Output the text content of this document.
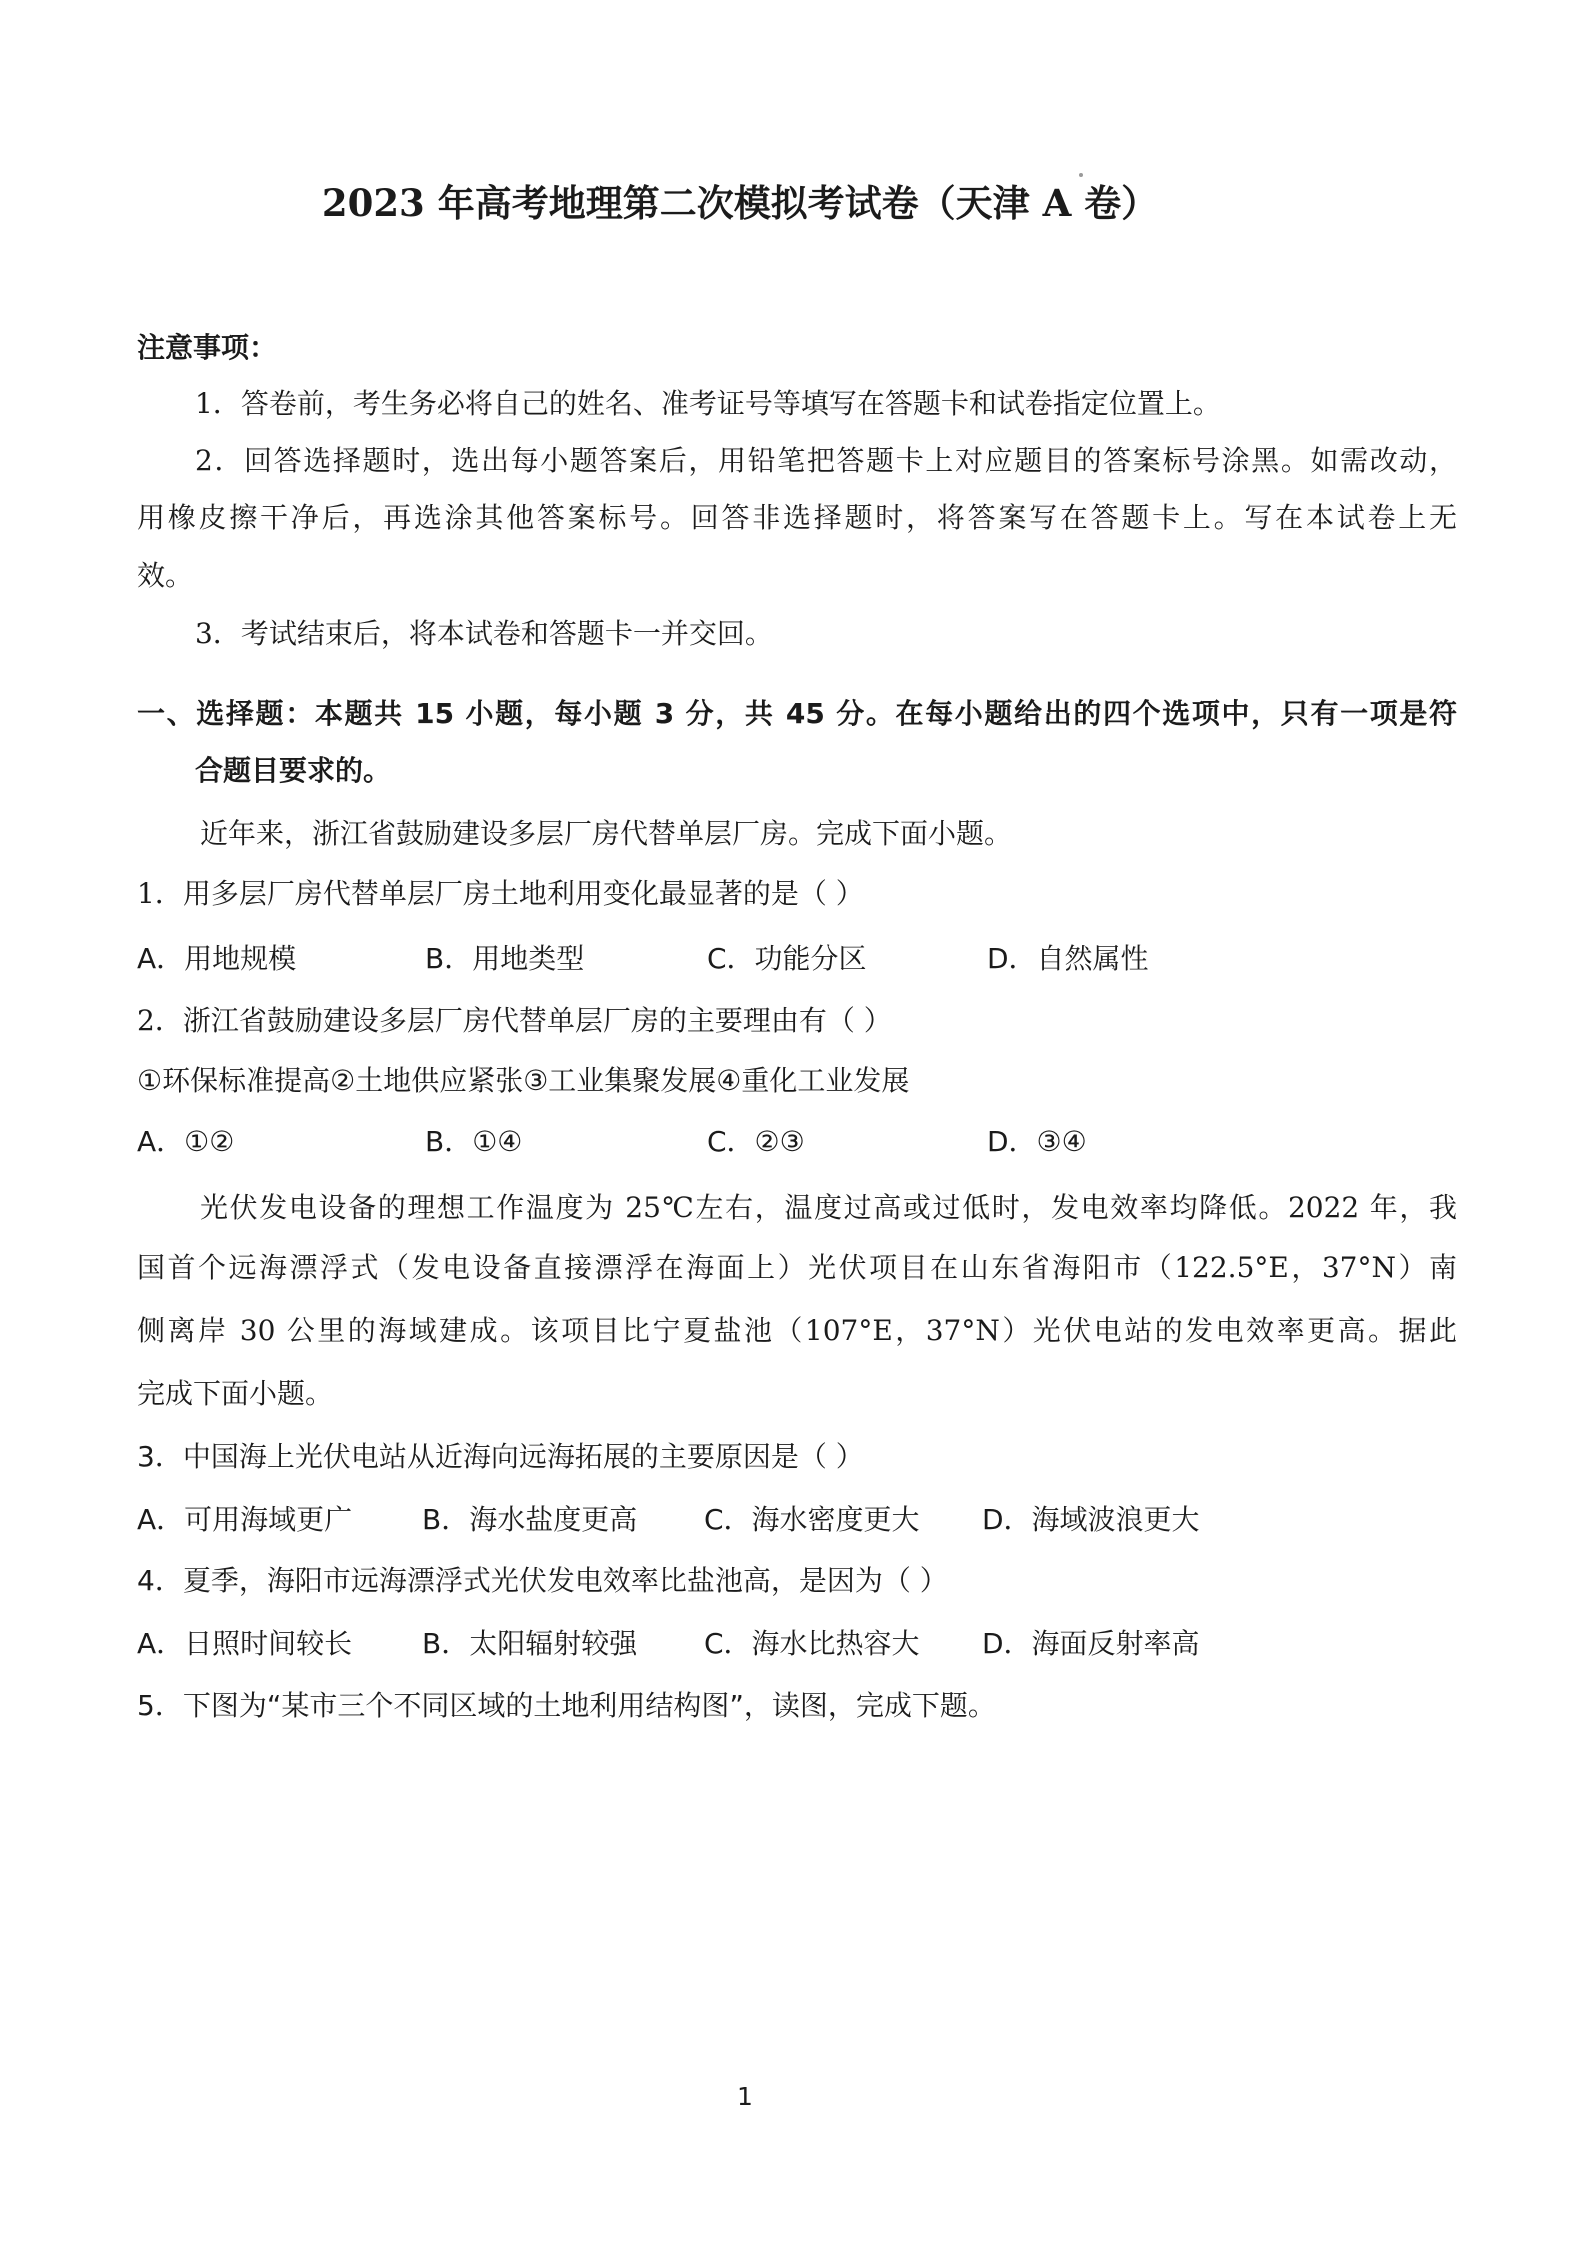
2023 年高考地理第二次模拟考试卷（天津 A 卷）
注意事项：
1．答卷前，考生务必将自己的姓名、准考证号等填写在答题卡和试卷指定位置上。
2．回答选择题时，选出每小题答案后，用铅笔把答题卡上对应题目的答案标号涂黑。如需改动，
用橡皮擦干净后，再选涂其他答案标号。回答非选择题时，将答案写在答题卡上。写在本试卷上无
效。
3．考试结束后，将本试卷和答题卡一并交回。
一、选择题：本题共 15 小题，每小题 3 分，共 45 分。在每小题给出的四个选项中，只有一项是符
合题目要求的。
近年来，浙江省鼓励建设多层厂房代替单层厂房。完成下面小题。
1．用多层厂房代替单层厂房土地利用变化最显著的是（ ）
A．用地规模	B．用地类型	C．功能分区	D．自然属性
2．浙江省鼓励建设多层厂房代替单层厂房的主要理由有（ ）
①环保标准提高②土地供应紧张③工业集聚发展④重化工业发展
A．①②	B．①④	C．②③	D．③④
光伏发电设备的理想工作温度为 25℃左右，温度过高或过低时，发电效率均降低。2022 年，我
国首个远海漂浮式（发电设备直接漂浮在海面上）光伏项目在山东省海阳市（122.5°E，37°N）南
侧离岸 30 公里的海域建成。该项目比宁夏盐池（107°E，37°N）光伏电站的发电效率更高。据此
完成下面小题。
3．中国海上光伏电站从近海向远海拓展的主要原因是（ ）
A．可用海域更广 B．海水盐度更高 C．海水密度更大 D．海域波浪更大
4．夏季，海阳市远海漂浮式光伏发电效率比盐池高，是因为（ ）
A．日照时间较长 B．太阳辐射较强 C．海水比热容大 D．海面反射率高
5．下图为“某市三个不同区域的土地利用结构图”，读图，完成下题。
1
